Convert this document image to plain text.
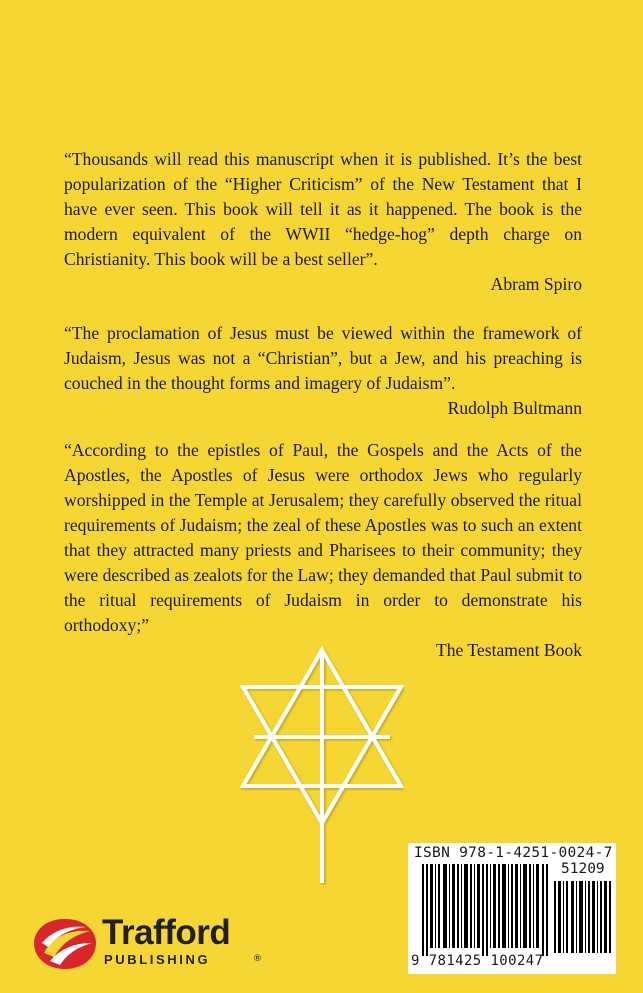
“Thousands will read this manuscript when it is published. It’s the best popularization of the “Higher Criticism” of the New Testament that I have ever seen. This book will tell it as it happened. The book is the modern equivalent of the WWII “hedge-hog” depth charge on Christianity. This book will be a best seller”.

Abram Spiro

“The proclamation of Jesus must be viewed within the framework of Judaism, Jesus was not a “Christian”, but a Jew, and his preaching is couched in the thought forms and imagery of Judaism”.

Rudolph Bultmann

“According to the epistles of Paul, the Gospels and the Acts of the Apostles, the Apostles of Jesus were orthodox Jews who regularly worshipped in the Temple at Jerusalem; they carefully observed the ritual requirements of Judaism; the zeal of these Apostles was to such an extent that they attracted many priests and Pharisees to their community; they were described as zealots for the Law; they demanded that Paul submit to the ritual requirements of Judaism in order to demonstrate his orthodoxy;”

The Testament Book

ISBN 978-1-4251-0024-7

51209

9 781425 100247

Trafford

PUBLISHING	®
